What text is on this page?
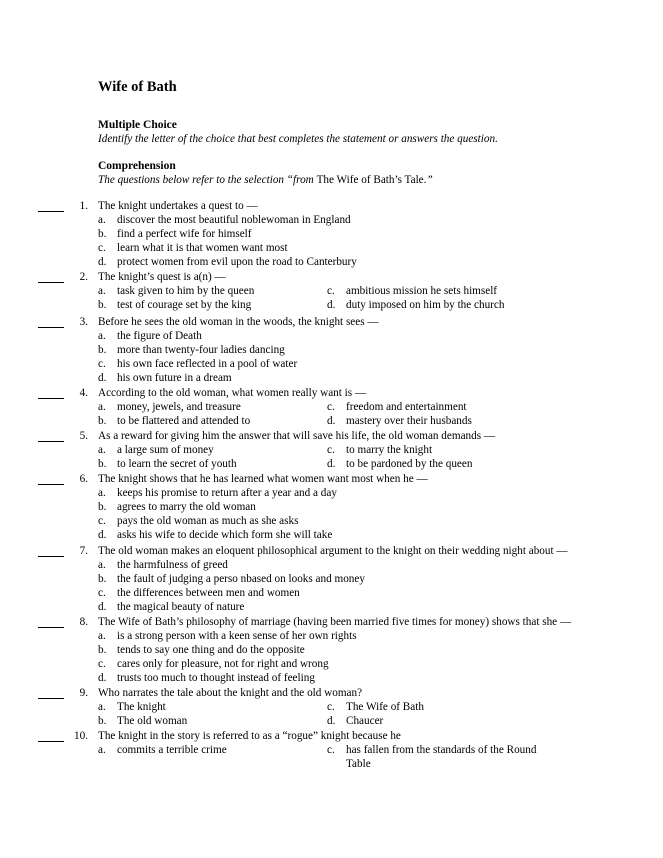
Wife of Bath
Multiple Choice
Identify the letter of the choice that best completes the statement or answers the question.
Comprehension
The questions below refer to the selection “from The Wife of Bath’s Tale.”
1. The knight undertakes a quest to —
a. discover the most beautiful noblewoman in England
b. find a perfect wife for himself
c. learn what it is that women want most
d. protect women from evil upon the road to Canterbury
2. The knight’s quest is a(n) —
a. task given to him by the queen
b. test of courage set by the king
c. ambitious mission he sets himself
d. duty imposed on him by the church
3. Before he sees the old woman in the woods, the knight sees —
a. the figure of Death
b. more than twenty-four ladies dancing
c. his own face reflected in a pool of water
d. his own future in a dream
4. According to the old woman, what women really want is —
a. money, jewels, and treasure
b. to be flattered and attended to
c. freedom and entertainment
d. mastery over their husbands
5. As a reward for giving him the answer that will save his life, the old woman demands —
a. a large sum of money
b. to learn the secret of youth
c. to marry the knight
d. to be pardoned by the queen
6. The knight shows that he has learned what women want most when he —
a. keeps his promise to return after a year and a day
b. agrees to marry the old woman
c. pays the old woman as much as she asks
d. asks his wife to decide which form she will take
7. The old woman makes an eloquent philosophical argument to the knight on their wedding night about —
a. the harmfulness of greed
b. the fault of judging a perso nbased on looks and money
c. the differences between men and women
d. the magical beauty of nature
8. The Wife of Bath’s philosophy of marriage (having been married five times for money) shows that she —
a. is a strong person with a keen sense of her own rights
b. tends to say one thing and do the opposite
c. cares only for pleasure, not for right and wrong
d. trusts too much to thought instead of feeling
9. Who narrates the tale about the knight and the old woman?
a. The knight
b. The old woman
c. The Wife of Bath
d. Chaucer
10. The knight in the story is referred to as a “rogue” knight because he
a. commits a terrible crime	c.	has fallen from the standards of the Round Table
